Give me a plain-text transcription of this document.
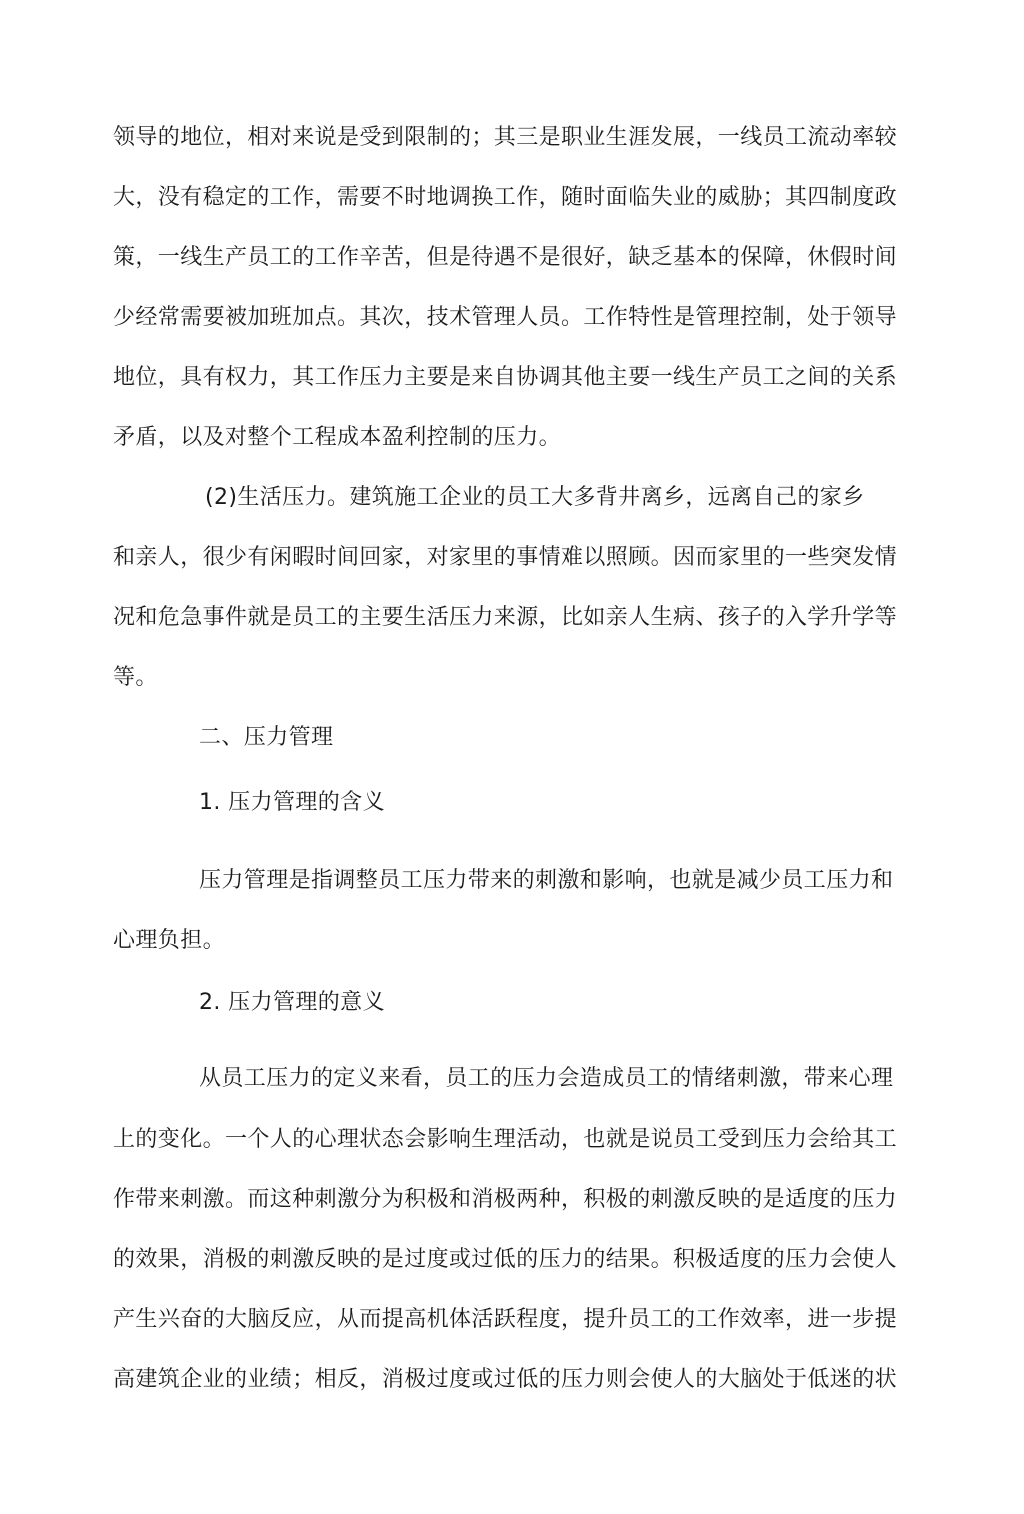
领导的地位，相对来说是受到限制的；其三是职业生涯发展，一线员工流动率较
大，没有稳定的工作，需要不时地调换工作，随时面临失业的威胁；其四制度政
策，一线生产员工的工作辛苦，但是待遇不是很好，缺乏基本的保障，休假时间
少经常需要被加班加点。其次，技术管理人员。工作特性是管理控制，处于领导
地位，具有权力，其工作压力主要是来自协调其他主要一线生产员工之间的关系
矛盾，以及对整个工程成本盈利控制的压力。
(2)生活压力。建筑施工企业的员工大多背井离乡，远离自己的家乡
和亲人，很少有闲暇时间回家，对家里的事情难以照顾。因而家里的一些突发情
况和危急事件就是员工的主要生活压力来源，比如亲人生病、孩子的入学升学等
等。
二、压力管理
1. 压力管理的含义
压力管理是指调整员工压力带来的刺激和影响，也就是减少员工压力和
心理负担。
2. 压力管理的意义
从员工压力的定义来看，员工的压力会造成员工的情绪刺激，带来心理
上的变化。一个人的心理状态会影响生理活动，也就是说员工受到压力会给其工
作带来刺激。而这种刺激分为积极和消极两种，积极的刺激反映的是适度的压力
的效果，消极的刺激反映的是过度或过低的压力的结果。积极适度的压力会使人
产生兴奋的大脑反应，从而提高机体活跃程度，提升员工的工作效率，进一步提
高建筑企业的业绩；相反，消极过度或过低的压力则会使人的大脑处于低迷的状
